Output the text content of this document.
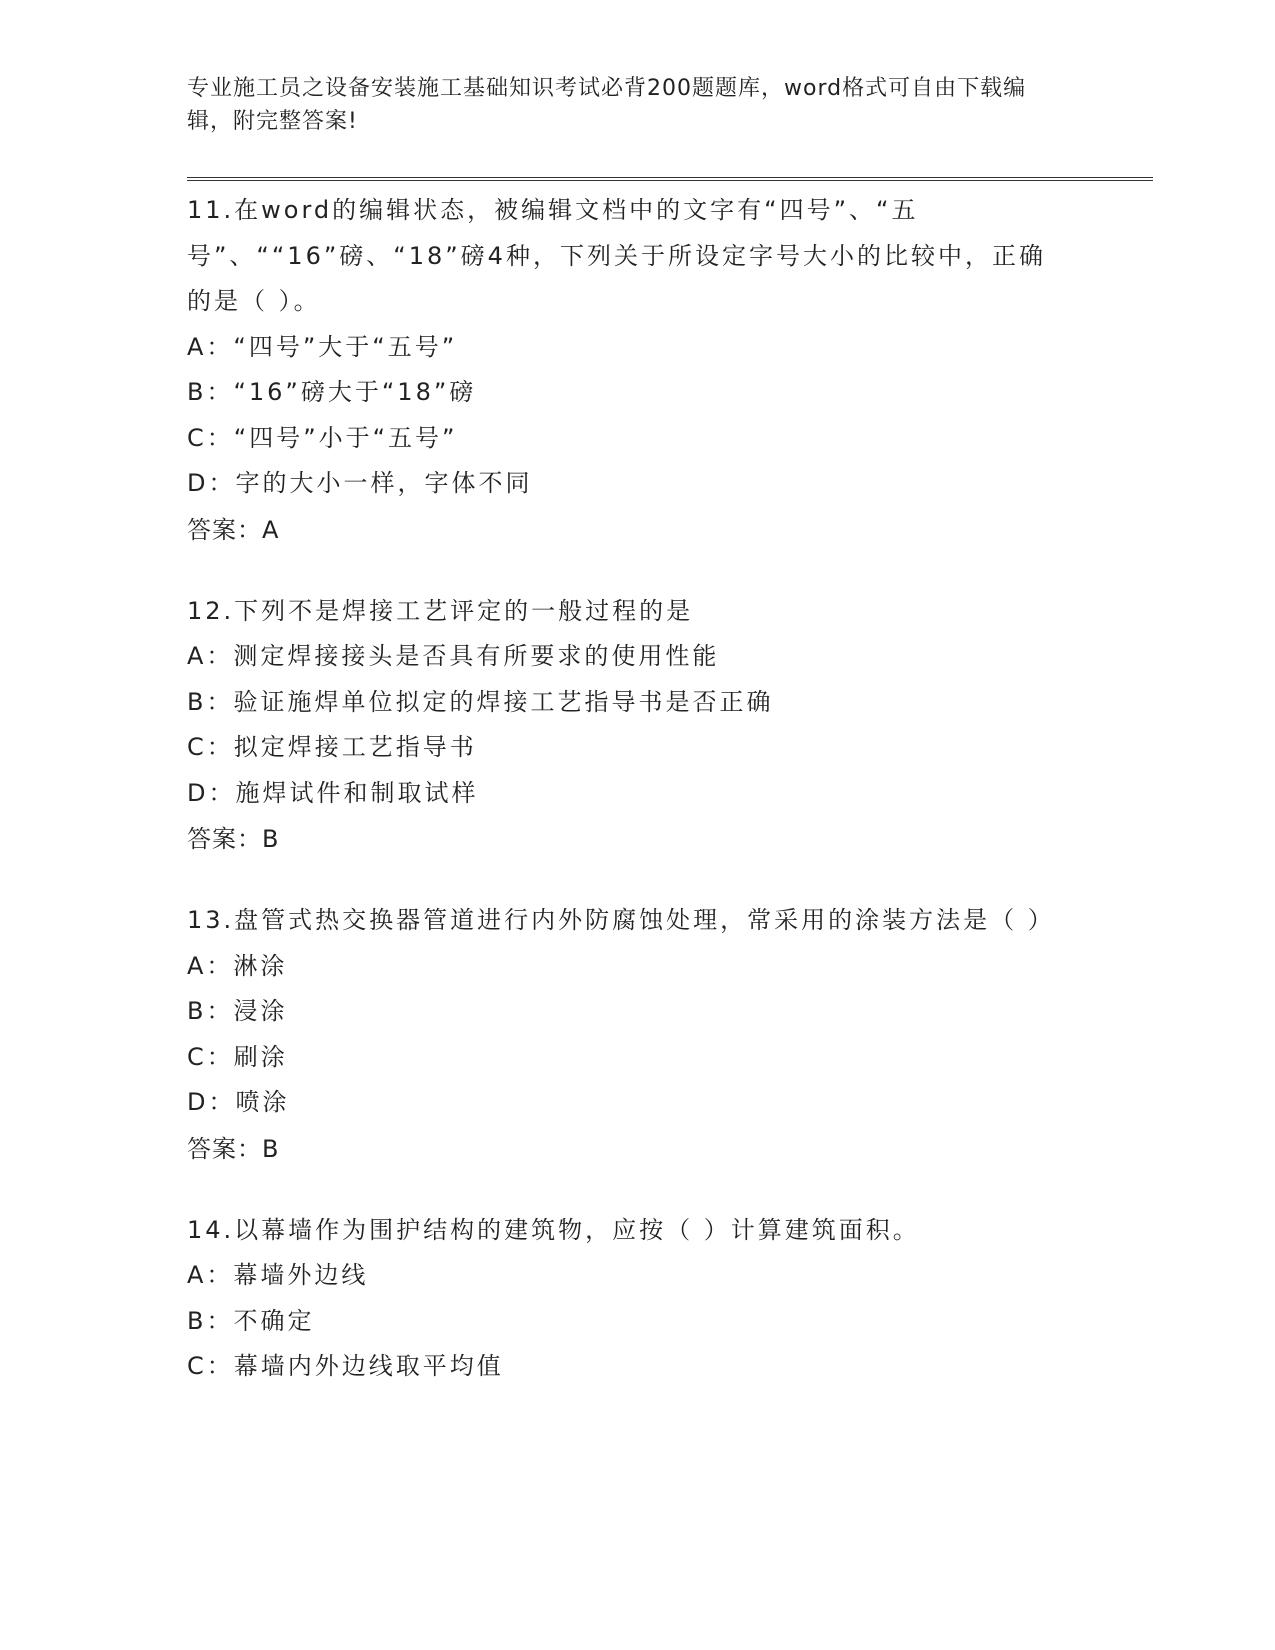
专业施工员之设备安装施工基础知识考试必背200题题库，word格式可自由下载编辑，附完整答案!
11.在word的编辑状态，被编辑文档中的文字有“四号”、“五号”、““16”磅、“18”磅4种，下列关于所设定字号大小的比较中，正确的是（ ）。
A：“四号”大于“五号”
B：“16”磅大于“18”磅
C：“四号”小于“五号”
D：字的大小一样，字体不同
答案：A
12.下列不是焊接工艺评定的一般过程的是
A：测定焊接接头是否具有所要求的使用性能
B：验证施焊单位拟定的焊接工艺指导书是否正确
C：拟定焊接工艺指导书
D：施焊试件和制取试样
答案：B
13.盘管式热交换器管道进行内外防腐蚀处理，常采用的涂装方法是（ ）
A：淋涂
B：浸涂
C：刷涂
D：喷涂
答案：B
14.以幕墙作为围护结构的建筑物，应按（ ）计算建筑面积。
A：幕墙外边线
B：不确定
C：幕墙内外边线取平均值
